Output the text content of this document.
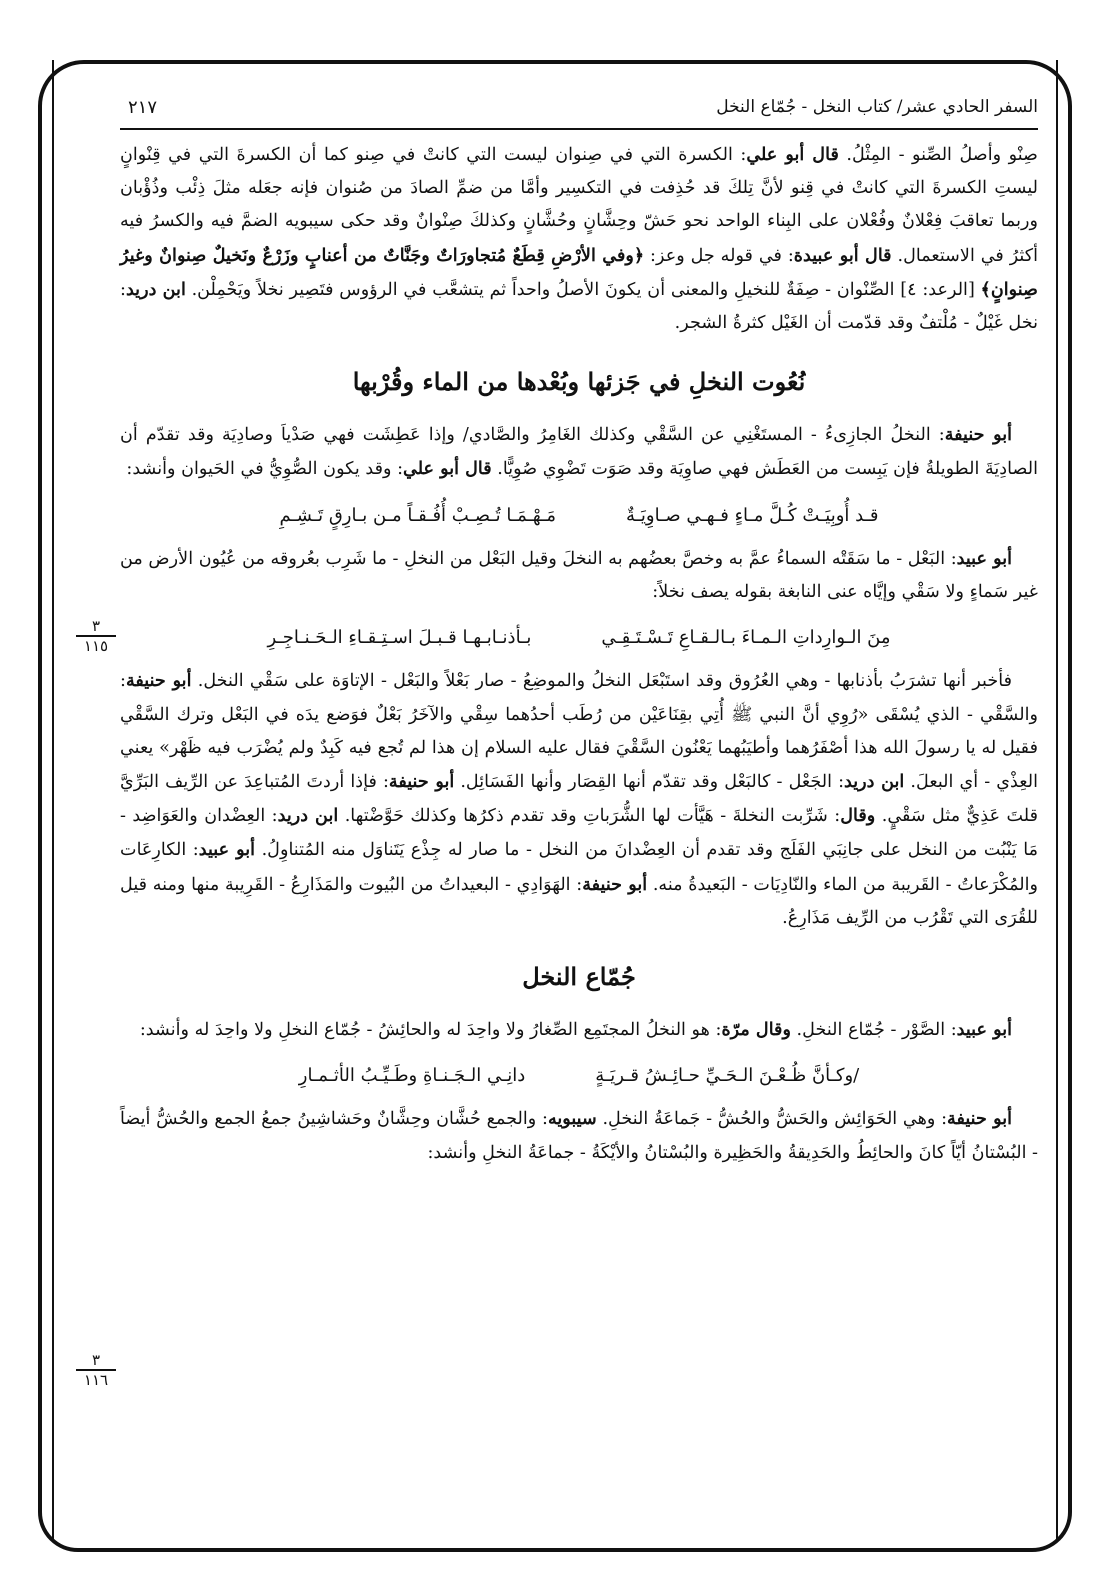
السفر الحادي عشر/ كتاب النخل - جُمّاع النخل
٢١٧
٣
١١٥
٣
١١٦

صِنْو وأصلُ الصِّنو - المِثْلُ. قال أبو علي: الكسرة التي في صِنوان ليست التي كانتْ في صِنو كما أن الكسرةَ التي في قِنْوانٍ ليستِ الكسرةَ التي كانتْ في قِنو لأنَّ تِلكَ قد حُذِفت في التكسِير وأمَّا من ضمِّ الصادَ من صُنوان فإنه جعَله مثلَ ذِئْب وذُؤْبان وربما تعاقبَ فِعْلانٌ وفُعْلان على البِناء الواحد نحو حَشّ وحِشَّانٍ وحُشَّانٍ وكذلكَ صِنْوانٌ وقد حكى سيبويه الضمَّ فيه والكسرُ فيه أكثرُ في الاستعمال. قال أبو عبيدة: في قوله جل وعز: ﴿وفي الأرْضِ قِطَعٌ مُتجاورَاتٌ وجَنَّاتٌ من أعنابٍ وزَرْعٌ ونَخيلٌ صِنوانٌ وغيرُ صِنوانٍ﴾ [الرعد: ٤] الصِّنْوان - صِفَةٌ للنخيلِ والمعنى أن يكونَ الأصلُ واحداً ثم يتشعَّب في الرؤوس فتَصِير نخلاً ويَحْمِلْن. ابن دريد: نخل غَيْلٌ - مُلْتفٌ وقد قدّمت أن الغَيْل كثرةُ الشجر.

نُعُوت النخلِ في جَزئها وبُعْدها من الماء وقُرْبها

أبو حنيفة: النخلُ الجازِىءُ - المستَغْنِي عن السَّقْي وكذلك الغَامِرُ والصَّادي/ وإذا عَطِشَت فهي صَدْياَ وصادِيَة وقد تقدّم أن الصادِيَةَ الطويلةُ فإن يَبِست من العَطَش فهي صاوِيَة وقد صَوَت تَضْوِي صُوِيًّا. قال أبو علي: وقد يكون الصُّوِيُّ في الحَيوان وأنشد:

قـد أُوبِيَـتْ كُـلَّ مـاءٍ فـهـي صـاوِيَـةٌ
مَـهْـمَـا تُـصِـبْ أُفُـقـاً مـن بـارِقٍ تَـشِـمِ

أبو عبيد: البَعْل - ما سَقَتْه السماءُ عمَّ به وخصَّ بعضُهم به النخلَ وقيل البَعْل من النخلِ - ما شَرِب بعُروقه من عُيُون الأرض من غير سَماءٍ ولا سَقْي وإيَّاه عنى النابغة بقوله يصف نخلاً:

مِنَ الـوارِداتِ الـمـاءَ بـالـقـاعِ تَـسْـتَـقِـي
بـأذنـابـهـا قـبـلَ اسـتِـقـاءِ الـحَـنـاجِـرِ

فأخبر أنها تشرَبُ بأذنابها - وهي العُرُوق وقد استَبْعَل النخلُ والموضِعُ - صار بَعْلاً والبَعْل - الإتاوَة على سَقْي النخل. أبو حنيفة: والسَّقْي - الذي يُسْقَى «رُوِي أنَّ النبي ﷺ أُتِي بقِنَاعَيْن من رُطَب أحدُهما سِقْي والآخَرُ بَعْلٌ فوَضع يدَه في البَعْل وترك السَّقْي فقيل له يا رسولَ الله هذا أصْفَرُهما وأطيَبُهما يَعْنُون السَّقْيَ فقال عليه السلام إن هذا لم تُجع فيه كَبِدٌ ولم يُضْرَب فيه ظَهْر» يعني العِذْي - أي البعلَ. ابن دريد: الجَعْل - كالبَعْل وقد تقدّم أنها القِصَار وأنها الفَسَائِل. أبو حنيفة: فإذا أردتَ المُتباعِدَ عن الرِّيف البَرِّيَّ قلتَ عَذِيٌّ مثل سَقْيٍ. وقال: شَرِّبت النخلةَ - هَيَّأت لها الشُّرَباتِ وقد تقدم ذكرُها وكذلك حَوَّضْتها. ابن دريد: العِضْدان والعَوَاضِد - مَا يَنْبُت من النخل على جانِبَي الفَلَج وقد تقدم أن العِضْدانَ من النخل - ما صار له جِذْع يَتَناوَل منه المُتناوِلُ. أبو عبيد: الكارِعَات والمُكْرَعاتُ - القَريبة من الماء والنّادِيَات - البَعيدةُ منه. أبو حنيفة: الهَوَادِي - البعيداتُ من البُيوت والمَذَارِعُ - القَرِيبة منها ومنه قيل للقُرَى التي تَقْرُب من الرِّيف مَذَارِعُ.

جُمّاع النخل

أبو عبيد: الصَّوْر - جُمّاع النخلِ. وقال مرّة: هو النخلُ المجتَمِع الصِّغارُ ولا واحِدَ له والحائِشُ - جُمّاع النخلِ ولا واحِدَ له وأنشد:

/وكـأنَّ ظُـعْـنَ الـحَـيِّ حـائِـشُ قـريَـةٍ
دانِـي الـجَـنـاةِ وطَـيِّـبُ الأثـمـارِ

أبو حنيفة: وهي الحَوَائِش والحَشُّ والحُشُّ - جَماعَةُ النخلِ. سيبويه: والجمع حُشَّان وحِشَّانٌ وحَشاشِينُ جمعُ الجمع والحُشُّ أيضاً - البُسْتانُ أيّاً كانَ والحائِطُ والحَدِيقةُ والحَظِيرة والبُسْتانُ والأيْكَةُ - جماعَةُ النخلِ وأنشد:
